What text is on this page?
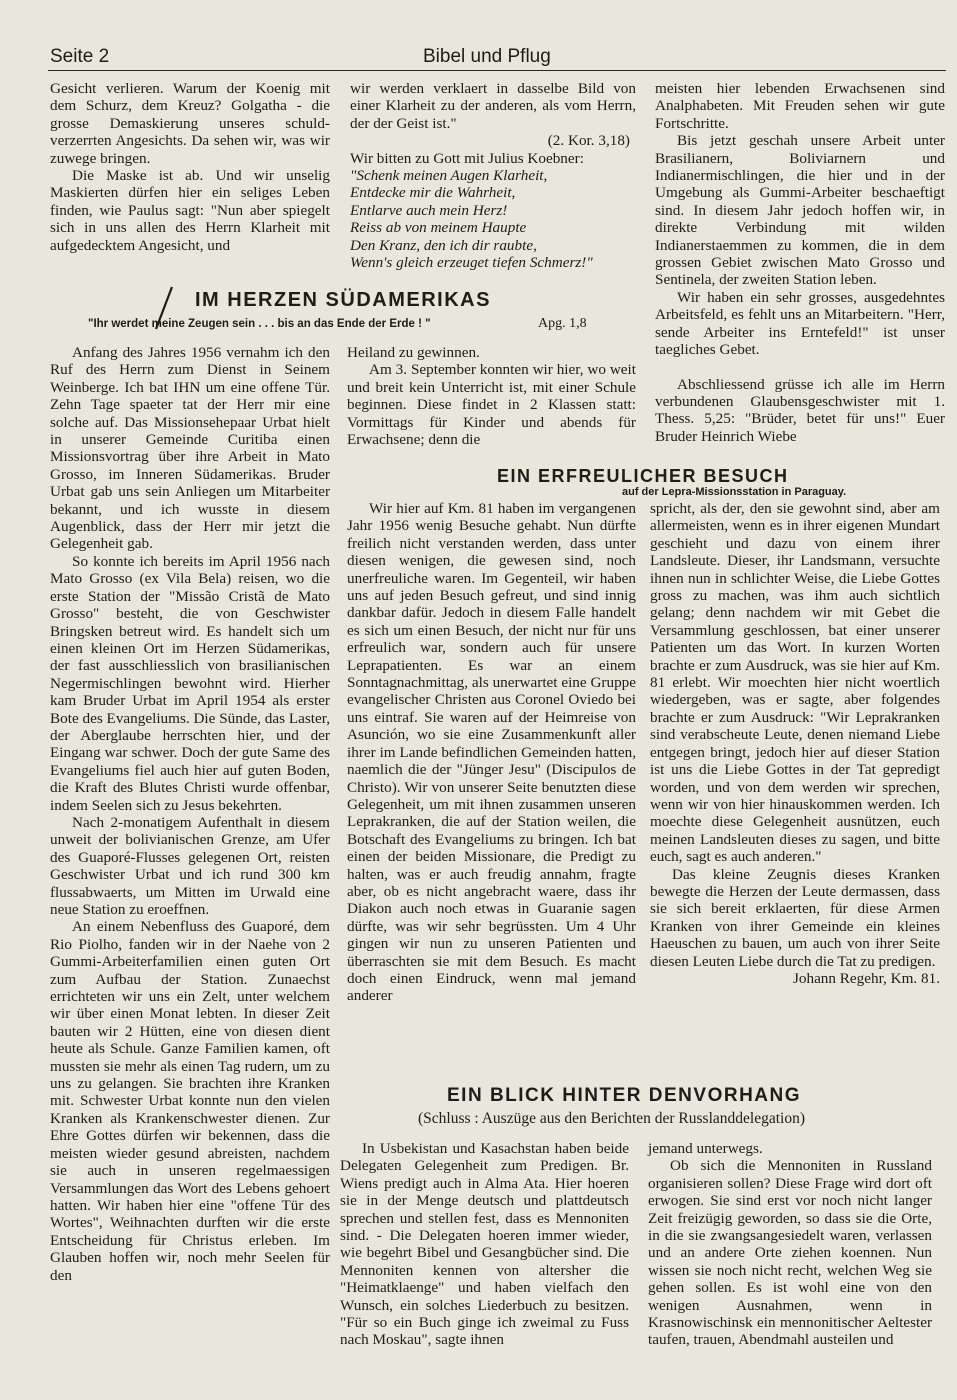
Seite 2	Bibel und Pflug

Gesicht verlieren. Warum der Koenig mit dem Schurz, dem Kreuz? Golgatha - die grosse Demaskierung unseres schuld-verzerrten Angesichts. Da sehen wir, was wir zuwege bringen.

Die Maske ist ab. Und wir unselig Maskierten dürfen hier ein seliges Leben finden, wie Paulus sagt: "Nun aber spiegelt sich in uns allen des Herrn Klarheit mit aufgedecktem Angesicht, und

wir werden verklaert in dasselbe Bild von einer Klarheit zu der anderen, als vom Herrn, der der Geist ist."

(2. Kor. 3,18)

Wir bitten zu Gott mit Julius Koebner:

"Schenk meinen Augen Klarheit,

Entdecke mir die Wahrheit,

Entlarve auch mein Herz!

Reiss ab von meinem Haupte

Den Kranz, den ich dir raubte,

Wenn's gleich erzeuget tiefen Schmerz!"

meisten hier lebenden Erwachsenen sind Analphabeten. Mit Freuden sehen wir gute Fortschritte.

Bis jetzt geschah unsere Arbeit unter Brasilianern, Boliviarnern und Indianermischlingen, die hier und in der Umgebung als Gummi-Arbeiter beschaeftigt sind. In diesem Jahr jedoch hoffen wir, in direkte Verbindung mit wilden Indianerstaemmen zu kommen, die in dem grossen Gebiet zwischen Mato Grosso und Sentinela, der zweiten Station leben.

Wir haben ein sehr grosses, ausgedehntes Arbeitsfeld, es fehlt uns an Mitarbeitern. "Herr, sende Arbeiter ins Erntefeld!" ist unser taegliches Gebet.

Abschliessend grüsse ich alle im Herrn verbundenen Glaubensgeschwister mit 1. Thess. 5,25: "Brüder, betet für uns!" Euer Bruder Heinrich Wiebe

IM HERZEN SÜDAMERIKAS
"Ihr werdet meine Zeugen sein . . . bis an das Ende der Erde ! "	Apg. 1,8

Anfang des Jahres 1956 vernahm ich den Ruf des Herrn zum Dienst in Seinem Weinberge. Ich bat IHN um eine offene Tür. Zehn Tage spaeter tat der Herr mir eine solche auf. Das Missionsehepaar Urbat hielt in unserer Gemeinde Curitiba einen Missionsvortrag über ihre Arbeit in Mato Grosso, im Inneren Südamerikas. Bruder Urbat gab uns sein Anliegen um Mitarbeiter bekannt, und ich wusste in diesem Augenblick, dass der Herr mir jetzt die Gelegenheit gab.

So konnte ich bereits im April 1956 nach Mato Grosso (ex Vila Bela) reisen, wo die erste Station der "Missão Cristã de Mato Grosso" besteht, die von Geschwister Bringsken betreut wird. Es handelt sich um einen kleinen Ort im Herzen Südamerikas, der fast ausschliesslich von brasilianischen Negermischlingen bewohnt wird. Hierher kam Bruder Urbat im April 1954 als erster Bote des Evangeliums. Die Sünde, das Laster, der Aberglaube herrschten hier, und der Eingang war schwer. Doch der gute Same des Evangeliums fiel auch hier auf guten Boden, die Kraft des Blutes Christi wurde offenbar, indem Seelen sich zu Jesus bekehrten.

Nach 2-monatigem Aufenthalt in diesem unweit der bolivianischen Grenze, am Ufer des Guaporé-Flusses gelegenen Ort, reisten Geschwister Urbat und ich rund 300 km flussabwaerts, um Mitten im Urwald eine neue Station zu eroeffnen.

An einem Nebenfluss des Guaporé, dem Rio Piolho, fanden wir in der Naehe von 2 Gummi-Arbeiterfamilien einen guten Ort zum Aufbau der Station. Zunaechst errichteten wir uns ein Zelt, unter welchem wir über einen Monat lebten. In dieser Zeit bauten wir 2 Hütten, eine von diesen dient heute als Schule. Ganze Familien kamen, oft mussten sie mehr als einen Tag rudern, um zu uns zu gelangen. Sie brachten ihre Kranken mit. Schwester Urbat konnte nun den vielen Kranken als Krankenschwester dienen. Zur Ehre Gottes dürfen wir bekennen, dass die meisten wieder gesund abreisten, nachdem sie auch in unseren regelmaessigen Versammlungen das Wort des Lebens gehoert hatten. Wir haben hier eine "offene Tür des Wortes", Weihnachten durften wir die erste Entscheidung für Christus erleben. Im Glauben hoffen wir, noch mehr Seelen für den

Heiland zu gewinnen.

Am 3. September konnten wir hier, wo weit und breit kein Unterricht ist, mit einer Schule beginnen. Diese findet in 2 Klassen statt: Vormittags für Kinder und abends für Erwachsene; denn die

EIN ERFREULICHER BESUCH
auf der Lepra-Missionsstation in Paraguay.

Wir hier auf Km. 81 haben im vergangenen Jahr 1956 wenig Besuche gehabt. Nun dürfte freilich nicht verstanden werden, dass unter diesen wenigen, die gewesen sind, noch unerfreuliche waren. Im Gegenteil, wir haben uns auf jeden Besuch gefreut, und sind innig dankbar dafür. Jedoch in diesem Falle handelt es sich um einen Besuch, der nicht nur für uns erfreulich war, sondern auch für unsere Leprapatienten. Es war an einem Sonntagnachmittag, als unerwartet eine Gruppe evangelischer Christen aus Coronel Oviedo bei uns eintraf. Sie waren auf der Heimreise von Asunción, wo sie eine Zusammenkunft aller ihrer im Lande befindlichen Gemeinden hatten, naemlich die der "Jünger Jesu" (Discipulos de Christo). Wir von unserer Seite benutzten diese Gelegenheit, um mit ihnen zusammen unseren Leprakranken, die auf der Station weilen, die Botschaft des Evangeliums zu bringen. Ich bat einen der beiden Missionare, die Predigt zu halten, was er auch freudig annahm, fragte aber, ob es nicht angebracht waere, dass ihr Diakon auch noch etwas in Guaranie sagen dürfte, was wir sehr begrüssten. Um 4 Uhr gingen wir nun zu unseren Patienten und überraschten sie mit dem Besuch. Es macht doch einen Eindruck, wenn mal jemand anderer

spricht, als der, den sie gewohnt sind, aber am allermeisten, wenn es in ihrer eigenen Mundart geschieht und dazu von einem ihrer Landsleute. Dieser, ihr Landsmann, versuchte ihnen nun in schlichter Weise, die Liebe Gottes gross zu machen, was ihm auch sichtlich gelang; denn nachdem wir mit Gebet die Versammlung geschlossen, bat einer unserer Patienten um das Wort. In kurzen Worten brachte er zum Ausdruck, was sie hier auf Km. 81 erlebt. Wir moechten hier nicht woertlich wiedergeben, was er sagte, aber folgendes brachte er zum Ausdruck: "Wir Leprakranken sind verabscheute Leute, denen niemand Liebe entgegen bringt, jedoch hier auf dieser Station ist uns die Liebe Gottes in der Tat gepredigt worden, und von dem werden wir sprechen, wenn wir von hier hinauskommen werden. Ich moechte diese Gelegenheit ausnützen, euch meinen Landsleuten dieses zu sagen, und bitte euch, sagt es auch anderen."

Das kleine Zeugnis dieses Kranken bewegte die Herzen der Leute dermassen, dass sie sich bereit erklaerten, für diese Armen Kranken von ihrer Gemeinde ein kleines Haeuschen zu bauen, um auch von ihrer Seite diesen Leuten Liebe durch die Tat zu predigen.

Johann Regehr, Km. 81.

EIN BLICK HINTER DENVORHANG
(Schluss : Auszüge aus den Berichten der Russlanddelegation)

In Usbekistan und Kasachstan haben beide Delegaten Gelegenheit zum Predigen. Br. Wiens predigt auch in Alma Ata. Hier hoeren sie in der Menge deutsch und plattdeutsch sprechen und stellen fest, dass es Mennoniten sind. - Die Delegaten hoeren immer wieder, wie begehrt Bibel und Gesangbücher sind. Die Mennoniten kennen von altersher die "Heimatklaenge" und haben vielfach den Wunsch, ein solches Liederbuch zu besitzen. "Für so ein Buch ginge ich zweimal zu Fuss nach Moskau", sagte ihnen

jemand unterwegs.

Ob sich die Mennoniten in Russland organisieren sollen? Diese Frage wird dort oft erwogen. Sie sind erst vor noch nicht langer Zeit freizügig geworden, so dass sie die Orte, in die sie zwangsangesiedelt waren, verlassen und an andere Orte ziehen koennen. Nun wissen sie noch nicht recht, welchen Weg sie gehen sollen. Es ist wohl eine von den wenigen Ausnahmen, wenn in Krasnowischinsk ein mennonitischer Aeltester taufen, trauen, Abendmahl austeilen und
